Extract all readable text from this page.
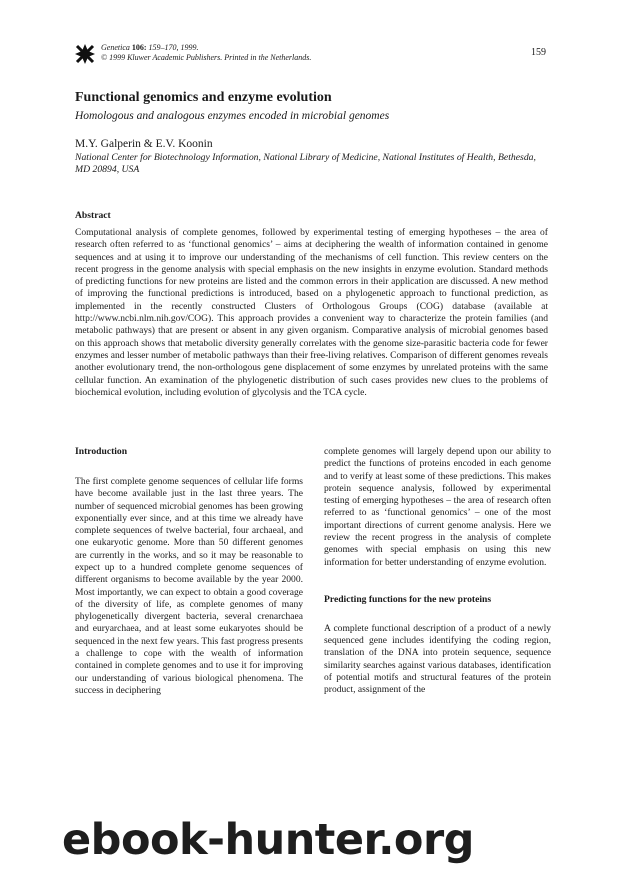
Genetica 106: 159–170, 1999.
© 1999 Kluwer Academic Publishers. Printed in the Netherlands.	159
Functional genomics and enzyme evolution
Homologous and analogous enzymes encoded in microbial genomes
M.Y. Galperin & E.V. Koonin
National Center for Biotechnology Information, National Library of Medicine, National Institutes of Health, Bethesda, MD 20894, USA
Abstract

Computational analysis of complete genomes, followed by experimental testing of emerging hypotheses – the area of research often referred to as ‘functional genomics’ – aims at deciphering the wealth of information contained in genome sequences and at using it to improve our understanding of the mechanisms of cell function. This review centers on the recent progress in the genome analysis with special emphasis on the new insights in enzyme evolution. Standard methods of predicting functions for new proteins are listed and the common errors in their application are discussed. A new method of improving the functional predictions is introduced, based on a phylogenetic approach to functional prediction, as implemented in the recently constructed Clusters of Orthologous Groups (COG) database (available at http://www.ncbi.nlm.nih.gov/COG). This approach provides a convenient way to characterize the protein families (and metabolic pathways) that are present or absent in any given organism. Comparative analysis of microbial genomes based on this approach shows that metabolic diversity generally correlates with the genome size-parasitic bacteria code for fewer enzymes and lesser number of metabolic pathways than their free-living relatives. Comparison of different genomes reveals another evolutionary trend, the non-orthologous gene displacement of some enzymes by unrelated proteins with the same cellular function. An examination of the phylogenetic distribution of such cases provides new clues to the problems of biochemical evolution, including evolution of glycolysis and the TCA cycle.

Introduction

The first complete genome sequences of cellular life forms have become available just in the last three years. The number of sequenced microbial genomes has been growing exponentially ever since, and at this time we already have complete sequences of twelve bacterial, four archaeal, and one eukaryotic genome. More than 50 different genomes are currently in the works, and so it may be reasonable to expect up to a hundred complete genome sequences of different organisms to become available by the year 2000. Most importantly, we can expect to obtain a good coverage of the diversity of life, as complete genomes of many phylogenetically divergent bacteria, several crenarchaea and euryarchaea, and at least some eukaryotes should be sequenced in the next few years. This fast progress presents a challenge to cope with the wealth of information contained in complete genomes and to use it for improving our understanding of various biological phenomena. The success in deciphering

complete genomes will largely depend upon our ability to predict the functions of proteins encoded in each genome and to verify at least some of these predictions. This makes protein sequence analysis, followed by experimental testing of emerging hypotheses – the area of research often referred to as ‘functional genomics’ – one of the most important directions of current genome analysis. Here we review the recent progress in the analysis of complete genomes with special emphasis on using this new information for better understanding of enzyme evolution.

Predicting functions for the new proteins

A complete functional description of a product of a newly sequenced gene includes identifying the coding region, translation of the DNA into protein sequence, sequence similarity searches against various databases, identification of potential motifs and structural features of the protein product, assignment of the

ebook-hunter.org
